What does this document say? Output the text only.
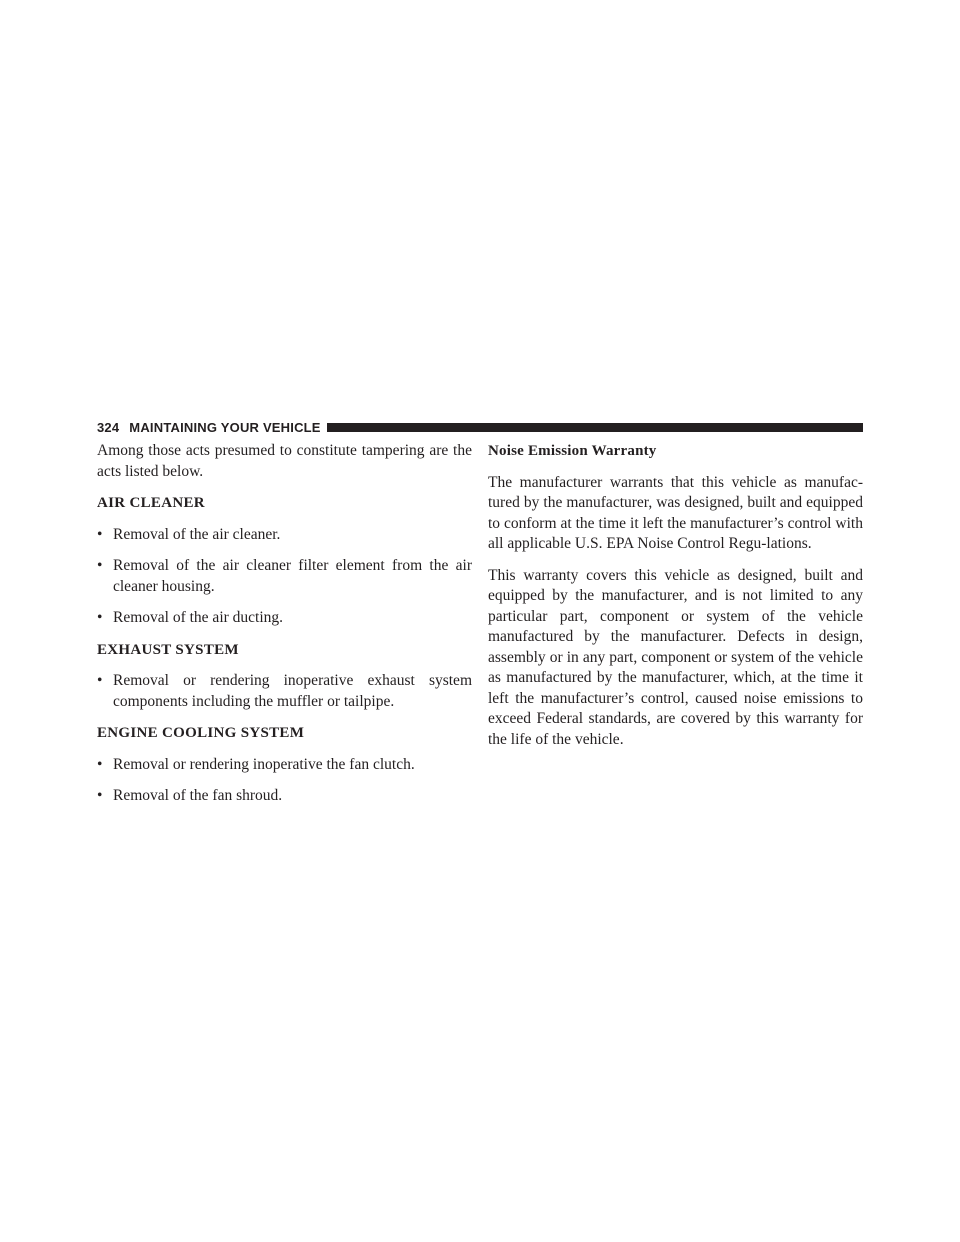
324 MAINTAINING YOUR VEHICLE

Among those acts presumed to constitute tampering are the acts listed below.

AIR CLEANER
• Removal of the air cleaner.
• Removal of the air cleaner filter element from the air cleaner housing.
• Removal of the air ducting.
EXHAUST SYSTEM
• Removal or rendering inoperative exhaust system components including the muffler or tailpipe.
ENGINE COOLING SYSTEM
• Removal or rendering inoperative the fan clutch.
• Removal of the fan shroud.
Noise Emission Warranty

The manufacturer warrants that this vehicle as manufac-tured by the manufacturer, was designed, built and equipped to conform at the time it left the manufacturer’s control with all applicable U.S. EPA Noise Control Regu-lations.

This warranty covers this vehicle as designed, built and equipped by the manufacturer, and is not limited to any particular part, component or system of the vehicle manufactured by the manufacturer. Defects in design, assembly or in any part, component or system of the vehicle as manufactured by the manufacturer, which, at the time it left the manufacturer’s control, caused noise emissions to exceed Federal standards, are covered by this warranty for the life of the vehicle.
